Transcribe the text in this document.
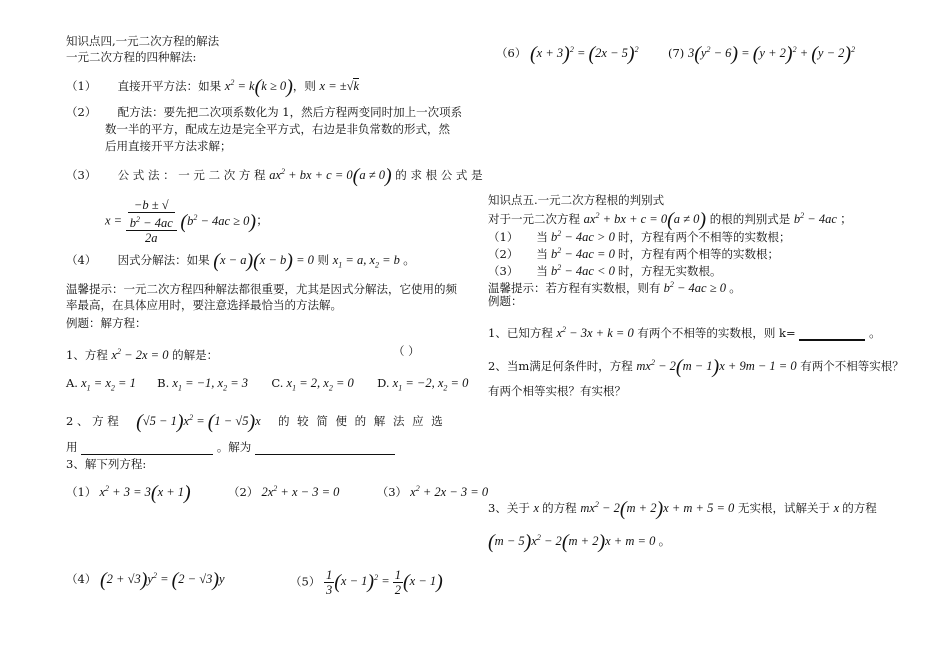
知识点四,一元二次方程的解法
一元二次方程的四种解法:
（1） 直接开平方法：如果 $x^2 = k(k \ge 0)$，则 x = ±√k
（2） 配方法：要先把二次项系数化为 1，然后方程两变同时加上一次项系
数一半的平方，配成左边是完全平方式，右边是非负常数的形式，然
后用直接开平方法求解；
（3） 公 式 法 ： 一 元 二 次 方 程 $ax^2$ + bx + c = 0(a ≠ 0) 的 求 根 公 式 是
x = −b ± √
$b^2 - 4ac$
2a $(b^2 - 4ac \ge 0)$；
（4） 因式分解法：如果 (x − a)(x − b) = 0 则 $x_1 = a$, $x_2 = b$ 。
温馨提示：一元二次方程四种解法都很重要，尤其是因式分解法，它使用的频
率最高，在具体应用时，要注意选择最恰当的方法解。
例题：解方程：
1、方程 $x^2 - 2x = 0$ 的解是：	（ ）
A. $x_1 = x_2 = 1$ B. $x_1 = -1$, $x_2 = 3$ C. $x_1 = 2$, $x_2 = 0$ D. $x_1 = -2$, $x_2 = 0$
2 、 方 程 $(√5 - 1)x^2 = (1 - √5)x$ 的 较 简 便 的 解 法 应 选
用	。解为
3、解下列方程:
（1） $x^2 + 3 = 3(x + 1)$	（2） $2x^2 + x - 3 = 0$	（3） $x^2 + 2x - 3 = 0$
（4） $(2 + √3)y^2 = (2 - √3)y$	$(5) \frac{1}{3} (x - 1)^2 = \frac{1}{2} (x - 1)$
（6） $(x + 3)^2 = (2x - 5)^2$	(7) $3(y^2 - 6) = (y + 2)^2 + (y - 2)^2$
知识点五.一元二次方程根的判别式
对于一元二次方程 $ax^2$ + bx + c = 0(a ≠ 0) 的根的判别式是 $b^2 - 4ac$ ；
（1） 当 $b^2 - 4ac > 0$ 时，方程有两个不相等的实数根；
（2） 当 $b^2 - 4ac = 0$ 时，方程有两个相等的实数根；
（3） 当 $b^2 - 4ac < 0$ 时，方程无实数根。
温馨提示：若方程有实数根，则有 $b^2 - 4ac \ge 0$ 。
例题：
1、已知方程 $x^2 - 3x + k = 0$ 有两个不相等的实数根，则 k=	。
2、当m满足何条件时，方程 $mx^2 - 2(m - 1)x + 9m - 1 = 0$ 有两个不相等实根？
有两个相等实根？有实根？
3、关于 x 的方程 $mx^2 - 2(m + 2)x + m + 5 = 0$ 无实根，试解关于 x 的方程
$(m - 5)x^2 - 2(m + 2)x + m = 0$ 。
